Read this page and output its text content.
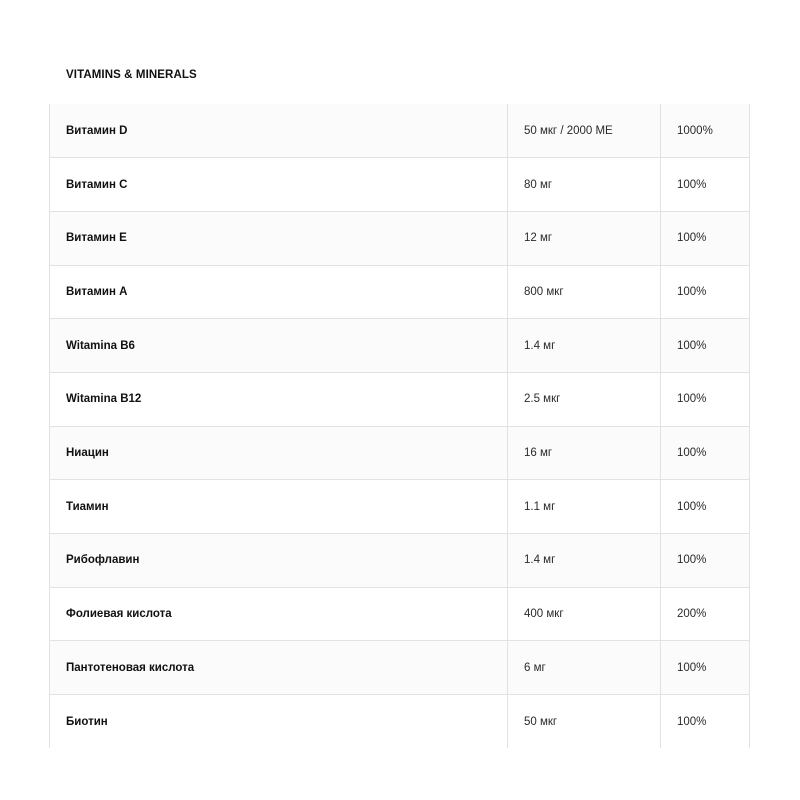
VITAMINS & MINERALS
Витамин D	50 мкг / 2000 МЕ	1000%
Витамин C	80 мг	100%
Витамин E	12 мг	100%
Витамин A	800 мкг	100%
Witamina B6	1.4 мг	100%
Witamina B12	2.5 мкг	100%
Ниацин	16 мг	100%
Тиамин	1.1 мг	100%
Рибофлавин	1.4 мг	100%
Фолиевая кислота	400 мкг	200%
Пантотеновая кислота	6 мг	100%
Биотин	50 мкг	100%
